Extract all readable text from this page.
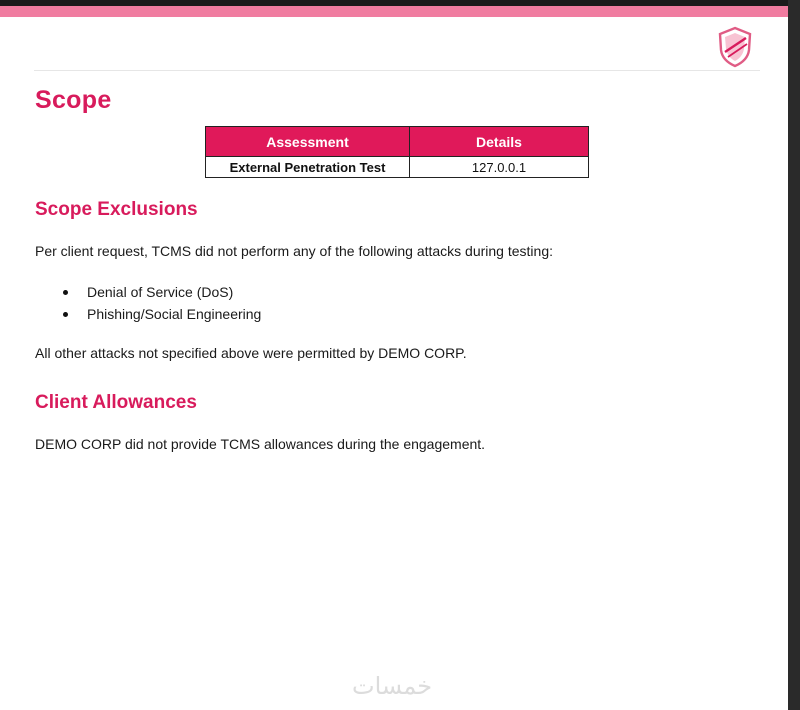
Scope
Assessment	Details
External Penetration Test	127.0.0.1
Scope Exclusions
Per client request, TCMS did not perform any of the following attacks during testing:
Denial of Service (DoS)
Phishing/Social Engineering
All other attacks not specified above were permitted by DEMO CORP.
Client Allowances
DEMO CORP did not provide TCMS allowances during the engagement.
خمسات
